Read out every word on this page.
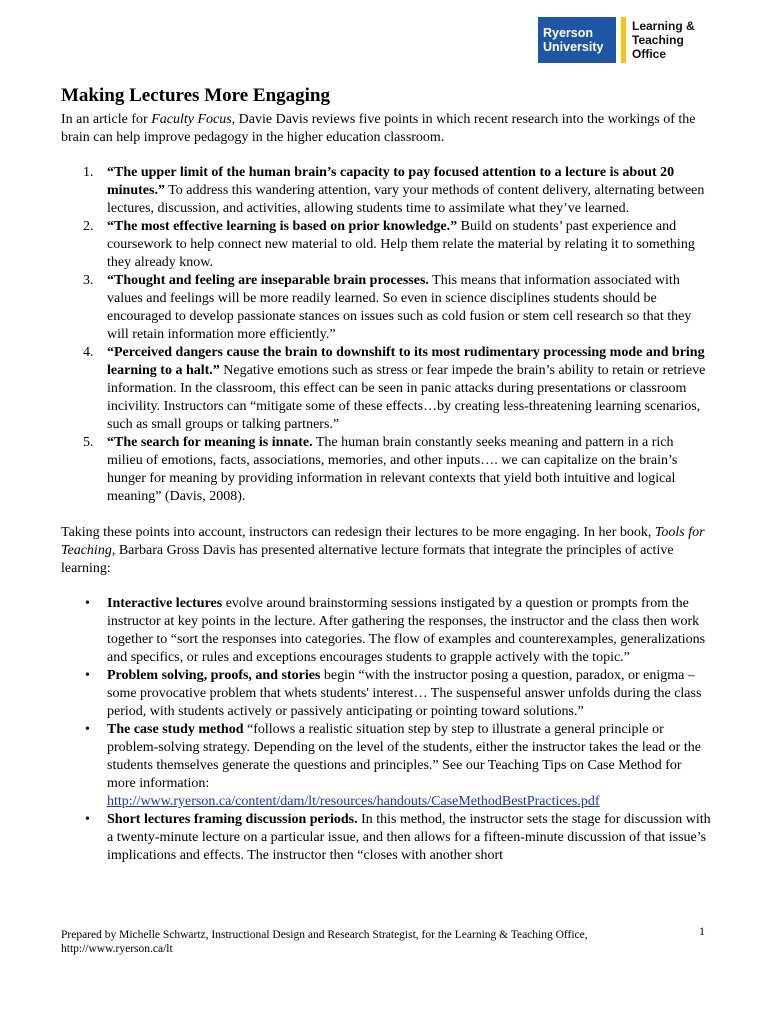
Ryerson
University
Learning &
Teaching
Office
Making Lectures More Engaging

In an article for Faculty Focus, Davie Davis reviews five points in which recent research into the workings of the brain can help improve pedagogy in the higher education classroom.

1. “The upper limit of the human brain’s capacity to pay focused attention to a lecture is about 20 minutes.” To address this wandering attention, vary your methods of content delivery, alternating between lectures, discussion, and activities, allowing students time to assimilate what they’ve learned.
2. “The most effective learning is based on prior knowledge.” Build on students’ past experience and coursework to help connect new material to old. Help them relate the material by relating it to something they already know.
3. “Thought and feeling are inseparable brain processes. This means that information associated with values and feelings will be more readily learned. So even in science disciplines students should be encouraged to develop passionate stances on issues such as cold fusion or stem cell research so that they will retain information more efficiently.”
4. “Perceived dangers cause the brain to downshift to its most rudimentary processing mode and bring learning to a halt.” Negative emotions such as stress or fear impede the brain’s ability to retain or retrieve information. In the classroom, this effect can be seen in panic attacks during presentations or classroom incivility. Instructors can “mitigate some of these effects…by creating less-threatening learning scenarios, such as small groups or talking partners.”
5. “The search for meaning is innate. The human brain constantly seeks meaning and pattern in a rich milieu of emotions, facts, associations, memories, and other inputs…. we can capitalize on the brain’s hunger for meaning by providing information in relevant contexts that yield both intuitive and logical meaning” (Davis, 2008).

Taking these points into account, instructors can redesign their lectures to be more engaging. In her book, Tools for Teaching, Barbara Gross Davis has presented alternative lecture formats that integrate the principles of active learning:

• Interactive lectures evolve around brainstorming sessions instigated by a question or prompts from the instructor at key points in the lecture. After gathering the responses, the instructor and the class then work together to “sort the responses into categories. The flow of examples and counterexamples, generalizations and specifics, or rules and exceptions encourages students to grapple actively with the topic.”
• Problem solving, proofs, and stories begin “with the instructor posing a question, paradox, or enigma – some provocative problem that whets students' interest… The suspenseful answer unfolds during the class period, with students actively or passively anticipating or pointing toward solutions.”
• The case study method “follows a realistic situation step by step to illustrate a general principle or problem-solving strategy. Depending on the level of the students, either the instructor takes the lead or the students themselves generate the questions and principles.” See our Teaching Tips on Case Method for more information:
http://www.ryerson.ca/content/dam/lt/resources/handouts/CaseMethodBestPractices.pdf
• Short lectures framing discussion periods. In this method, the instructor sets the stage for discussion with a twenty-minute lecture on a particular issue, and then allows for a fifteen-minute discussion of that issue’s implications and effects. The instructor then “closes with another short
Prepared by Michelle Schwartz, Instructional Design and Research Strategist, for the Learning & Teaching Office,
http://www.ryerson.ca/lt
1
